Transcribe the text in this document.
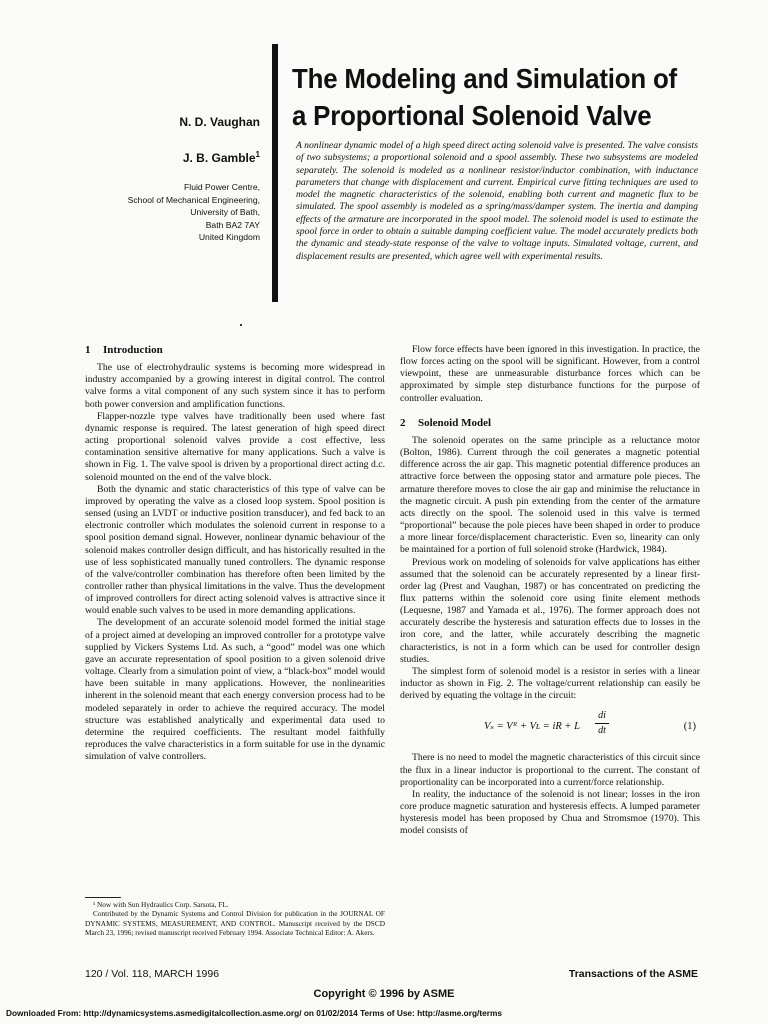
The Modeling and Simulation of
a Proportional Solenoid Valve
N. D. Vaughan
J. B. Gamble$^1$
Fluid Power Centre,
School of Mechanical Engineering,
University of Bath,
Bath BA2 7AY
United Kingdom
A nonlinear dynamic model of a high speed direct acting solenoid valve is presented. The valve consists of two subsystems; a proportional solenoid and a spool assembly. These two subsystems are modeled separately. The solenoid is modeled as a nonlinear resistor/inductor combination, with inductance parameters that change with displacement and current. Empirical curve fitting techniques are used to model the magnetic characteristics of the solenoid, enabling both current and magnetic flux to be simulated. The spool assembly is modeled as a spring/mass/damper system. The inertia and damping effects of the armature are incorporated in the spool model. The solenoid model is used to estimate the spool force in order to obtain a suitable damping coefficient value. The model accurately predicts both the dynamic and steady-state response of the valve to voltage inputs. Simulated voltage, current, and displacement results are presented, which agree well with experimental results.
1 Introduction

The use of electrohydraulic systems is becoming more widespread in industry accompanied by a growing interest in digital control. The control valve forms a vital component of any such system since it has to perform both power conversion and amplification functions.

Flapper-nozzle type valves have traditionally been used where fast dynamic response is required. The latest generation of high speed direct acting proportional solenoid valves provide a cost effective, less contamination sensitive alternative for many applications. Such a valve is shown in Fig. 1. The valve spool is driven by a proportional direct acting d.c. solenoid mounted on the end of the valve block.

Both the dynamic and static characteristics of this type of valve can be improved by operating the valve as a closed loop system. Spool position is sensed (using an LVDT or inductive position transducer), and fed back to an electronic controller which modulates the solenoid current in response to a spool position demand signal. However, nonlinear dynamic behaviour of the solenoid makes controller design difficult, and has historically resulted in the use of less sophisticated manually tuned controllers. The dynamic response of the valve/controller combination has therefore often been limited by the controller rather than physical limitations in the valve. Thus the development of improved controllers for direct acting solenoid valves is attractive since it would enable such valves to be used in more demanding applications.

The development of an accurate solenoid model formed the initial stage of a project aimed at developing an improved controller for a prototype valve supplied by Vickers Systems Ltd. As such, a “good” model was one which gave an accurate representation of spool position to a given solenoid drive voltage. Clearly from a simulation point of view, a “black-box” model would have been suitable in many applications. However, the nonlinearities inherent in the solenoid meant that each energy conversion process had to be modeled separately in order to achieve the required accuracy. The model structure was established analytically and experimental data used to determine the required coefficients. The resultant model faithfully reproduces the valve characteristics in a form suitable for use in the dynamic simulation of valve controllers.

¹ Now with Sun Hydraulics Corp. Sarsota, FL.

Contributed by the Dynamic Systems and Control Division for publication in the JOURNAL OF DYNAMIC SYSTEMS, MEASUREMENT, AND CONTROL. Manuscript received by the DSCD March 23, 1996; revised manuscript received February 1994. Associate Technical Editor: A. Akers.

Flow force effects have been ignored in this investigation. In practice, the flow forces acting on the spool will be significant. However, from a control viewpoint, these are unmeasurable disturbance forces which can be approximated by simple step disturbance functions for the purpose of controller evaluation.

2 Solenoid Model

The solenoid operates on the same principle as a reluctance motor (Bolton, 1986). Current through the coil generates a magnetic potential difference across the air gap. This magnetic potential difference produces an attractive force between the opposing stator and armature pole pieces. The armature therefore moves to close the air gap and minimise the reluctance in the magnetic circuit. A push pin extending from the center of the armature acts directly on the spool. The solenoid used in this valve is termed “proportional” because the pole pieces have been shaped in order to produce a more linear force/displacement characteristic. Even so, linearity can only be maintained for a portion of full solenoid stroke (Hardwick, 1984).

Previous work on modeling of solenoids for valve applications has either assumed that the solenoid can be accurately represented by a linear first-order lag (Prest and Vaughan, 1987) or has concentrated on predicting the flux patterns within the solenoid core using finite element methods (Lequesne, 1987 and Yamada et al., 1976). The former approach does not accurately describe the hysteresis and saturation effects due to losses in the iron core, and the latter, while accurately describing the magnetic characteristics, is not in a form which can be used for controller design studies.

The simplest form of solenoid model is a resistor in series with a linear inductor as shown in Fig. 2. The voltage/current relationship can easily be derived by equating the voltage in the circuit:

Vₛ = Vᴿ + Vʟ = iR + L
di
dt	(1)

There is no need to model the magnetic characteristics of this circuit since the flux in a linear inductor is proportional to the current. The constant of proportionality can be incorporated into a current/force relationship.

In reality, the inductance of the solenoid is not linear; losses in the iron core produce magnetic saturation and hysteresis effects. A lumped parameter hysteresis model has been proposed by Chua and Stromsmoe (1970). This model consists of

120 / Vol. 118, MARCH 1996	Transactions of the ASME
Copyright © 1996 by ASME
Downloaded From: http://dynamicsystems.asmedigitalcollection.asme.org/ on 01/02/2014 Terms of Use: http://asme.org/terms
